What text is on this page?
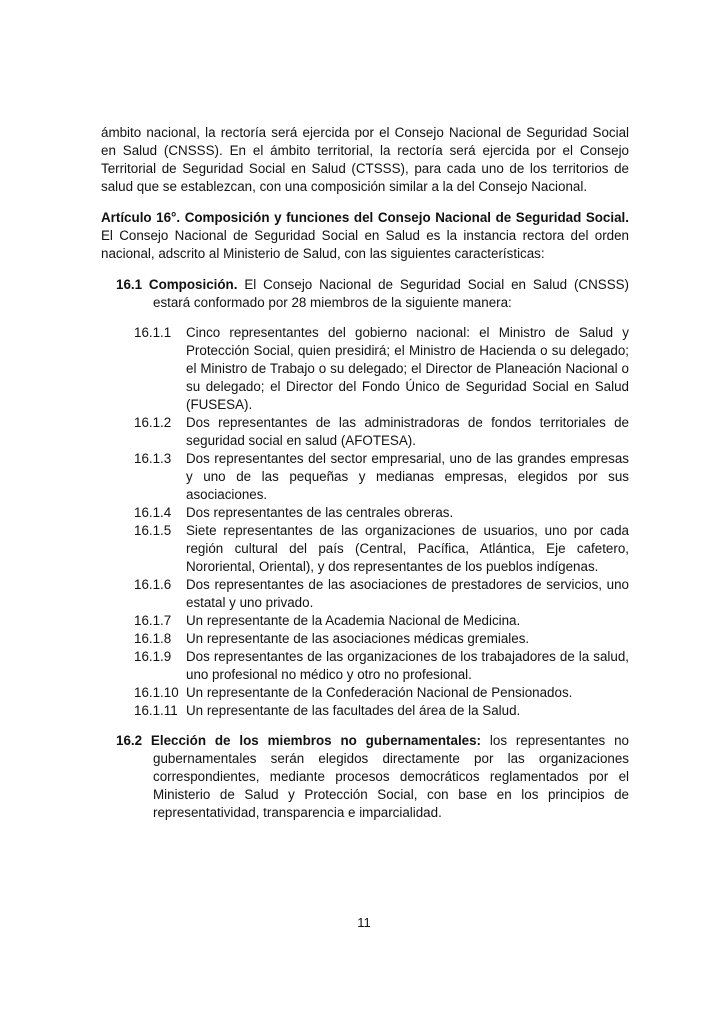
ámbito nacional, la rectoría será ejercida por el Consejo Nacional de Seguridad Social en Salud (CNSSS). En el ámbito territorial, la rectoría será ejercida por el Consejo Territorial de Seguridad Social en Salud (CTSSS), para cada uno de los territorios de salud que se establezcan, con una composición similar a la del Consejo Nacional.

Artículo 16°. Composición y funciones del Consejo Nacional de Seguridad Social. El Consejo Nacional de Seguridad Social en Salud es la instancia rectora del orden nacional, adscrito al Ministerio de Salud, con las siguientes características:

16.1 Composición. El Consejo Nacional de Seguridad Social en Salud (CNSSS) estará conformado por 28 miembros de la siguiente manera:

16.1.1	Cinco representantes del gobierno nacional: el Ministro de Salud y Protección Social, quien presidirá; el Ministro de Hacienda o su delegado; el Ministro de Trabajo o su delegado; el Director de Planeación Nacional o su delegado; el Director del Fondo Único de Seguridad Social en Salud (FUSESA).
16.1.2	Dos representantes de las administradoras de fondos territoriales de seguridad social en salud (AFOTESA).
16.1.3	Dos representantes del sector empresarial, uno de las grandes empresas y uno de las pequeñas y medianas empresas, elegidos por sus asociaciones.
16.1.4	Dos representantes de las centrales obreras.
16.1.5	Siete representantes de las organizaciones de usuarios, uno por cada región cultural del país (Central, Pacífica, Atlántica, Eje cafetero, Nororiental, Oriental), y dos representantes de los pueblos indígenas.
16.1.6	Dos representantes de las asociaciones de prestadores de servicios, uno estatal y uno privado.
16.1.7	Un representante de la Academia Nacional de Medicina.
16.1.8	Un representante de las asociaciones médicas gremiales.
16.1.9	Dos representantes de las organizaciones de los trabajadores de la salud, uno profesional no médico y otro no profesional.
16.1.10 Un representante de la Confederación Nacional de Pensionados.
16.1.11 Un representante de las facultades del área de la Salud.

16.2 Elección de los miembros no gubernamentales: los representantes no gubernamentales serán elegidos directamente por las organizaciones correspondientes, mediante procesos democráticos reglamentados por el Ministerio de Salud y Protección Social, con base en los principios de representatividad, transparencia e imparcialidad.

11
